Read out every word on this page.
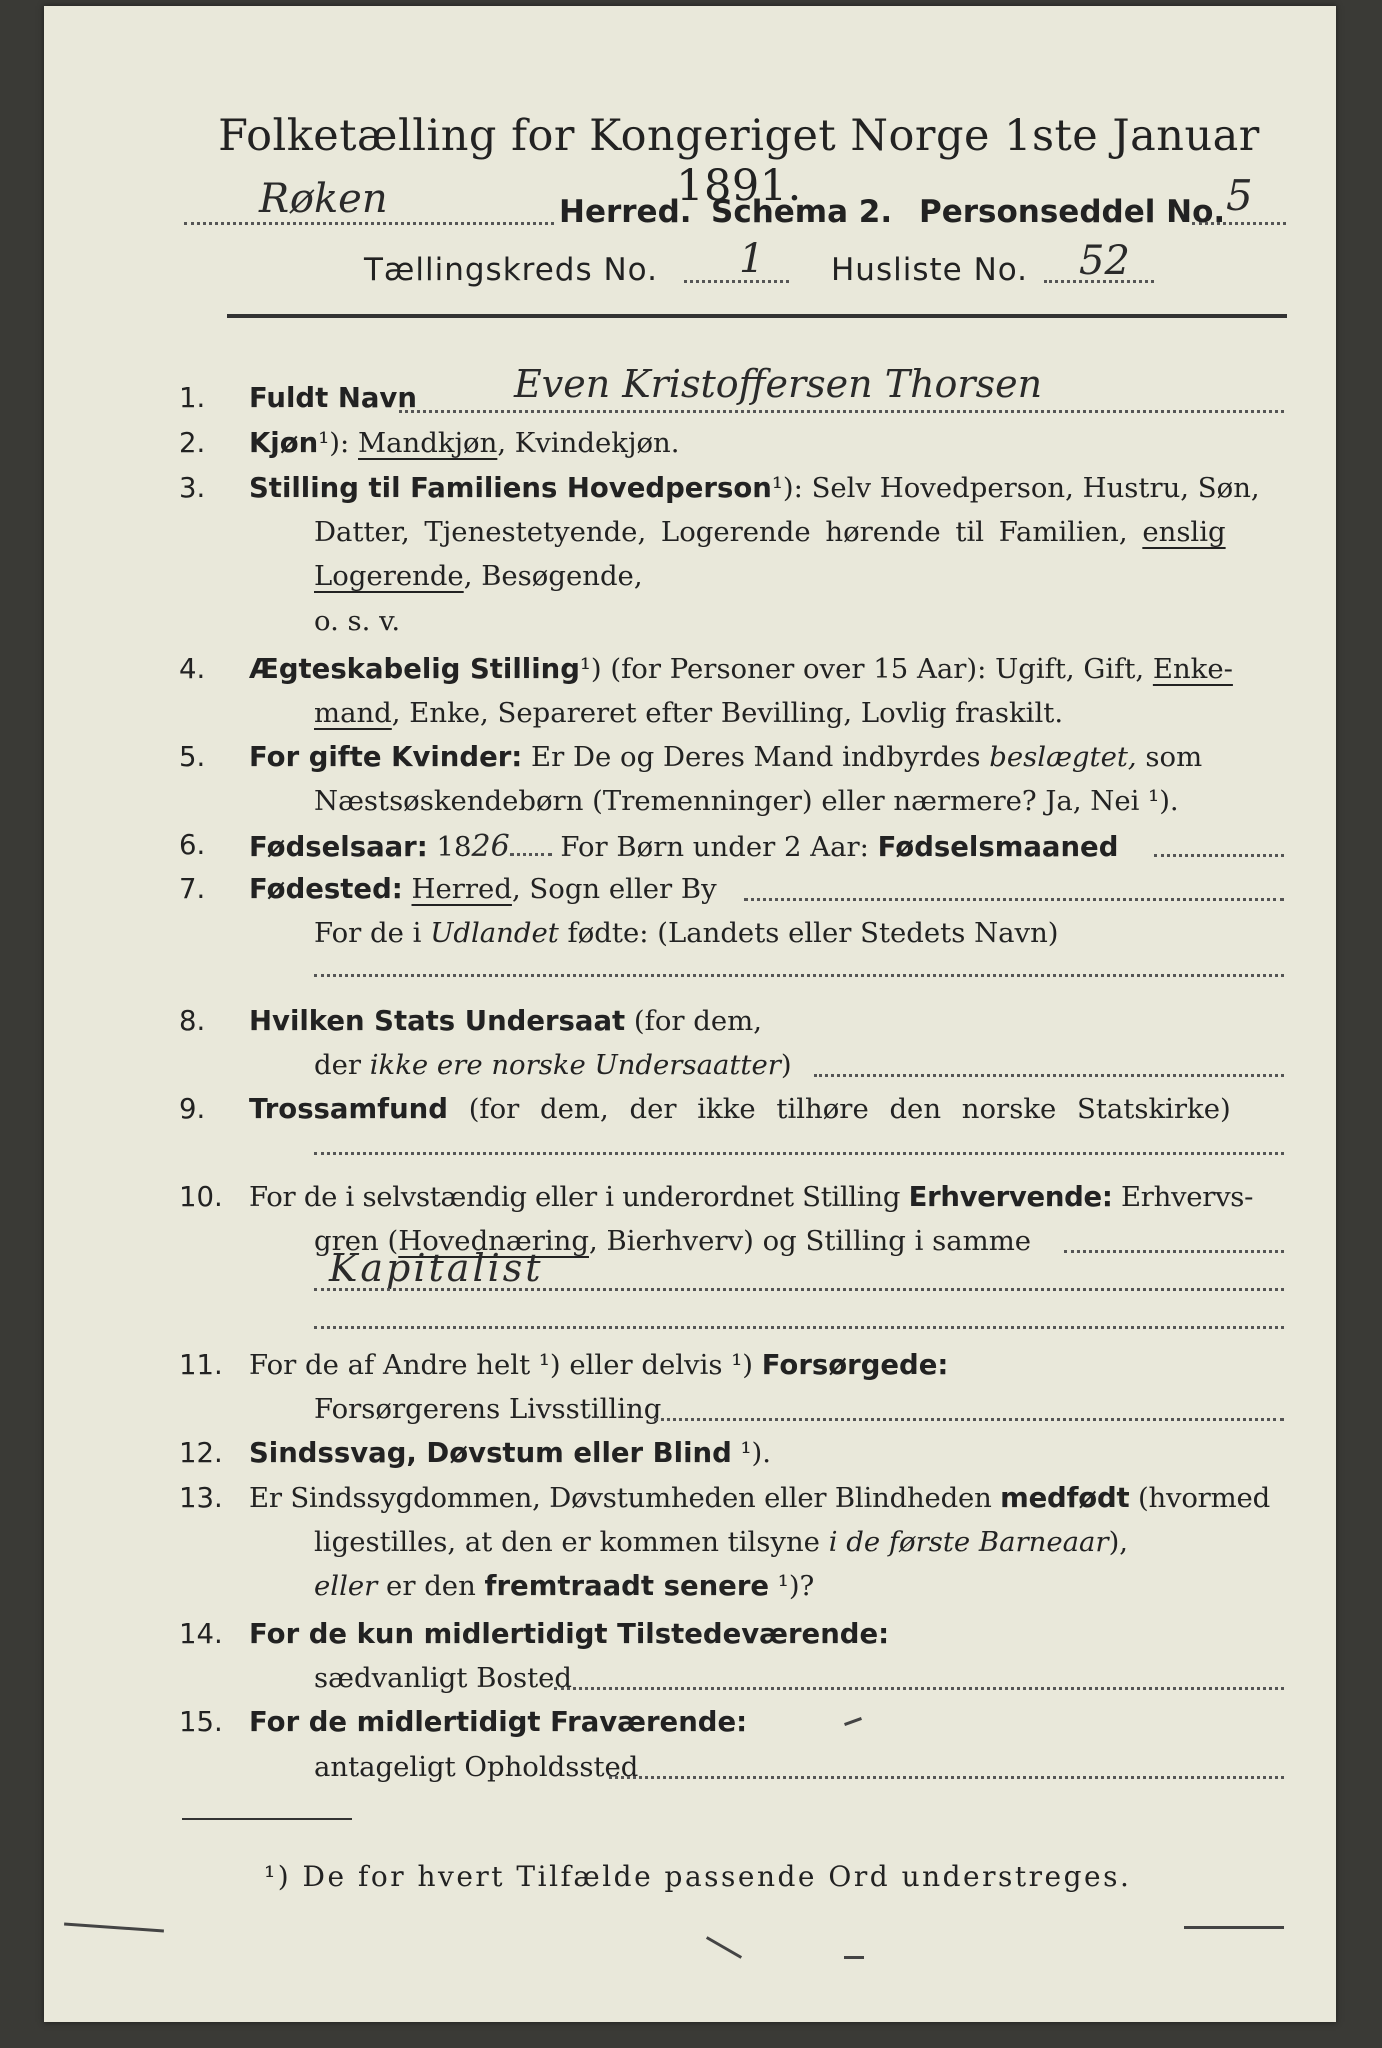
Folketælling for Kongeriget Norge 1ste Januar 1891.
Røken	Herred. Schema 2. Personseddel No. 5
Tællingskreds No. 1 Husliste No. 52
1. Fuldt Navn	Even Kristoffersen Thorsen
2. Kjøn¹): Mandkjøn, Kvindekjøn.
3. Stilling til Familiens Hovedperson¹): Selv Hovedperson, Hustru, Søn,
Datter, Tjenestetyende, Logerende hørende til Familien, enslig
Logerende, Besøgende,
o. s. v.
4. Ægteskabelig Stilling¹) (for Personer over 15 Aar): Ugift, Gift, Enke-
mand, Enke, Separeret efter Bevilling, Lovlig fraskilt.
5. For gifte Kvinder: Er De og Deres Mand indbyrdes beslægtet, som
Næstsøskendebørn (Tremenninger) eller nærmere? Ja, Nei ¹).
6. Fødselsaar: 1826 For Børn under 2 Aar: Fødselsmaaned
7. Fødested: Herred, Sogn eller By
For de i Udlandet fødte: (Landets eller Stedets Navn)
8. Hvilken Stats Undersaat (for dem,
der ikke ere norske Undersaatter)
9. Trossamfund (for dem, der ikke tilhøre den norske Statskirke)
10. For de i selvstændig eller i underordnet Stilling Erhvervende: Erhvervs-
gren (Hovednæring, Bierhverv) og Stilling i samme
Kapitalist
11. For de af Andre helt ¹) eller delvis ¹) Forsørgede:
Forsørgerens Livsstilling
12. Sindssvag, Døvstum eller Blind ¹).
13. Er Sindssygdommen, Døvstumheden eller Blindheden medfødt (hvormed
ligestilles, at den er kommen tilsyne i de første Barneaar),
eller er den fremtraadt senere ¹)?
14. For de kun midlertidigt Tilstedeværende:
sædvanligt Bosted
15. For de midlertidigt Fraværende:
antageligt Opholdssted
¹) De for hvert Tilfælde passende Ord understreges.
